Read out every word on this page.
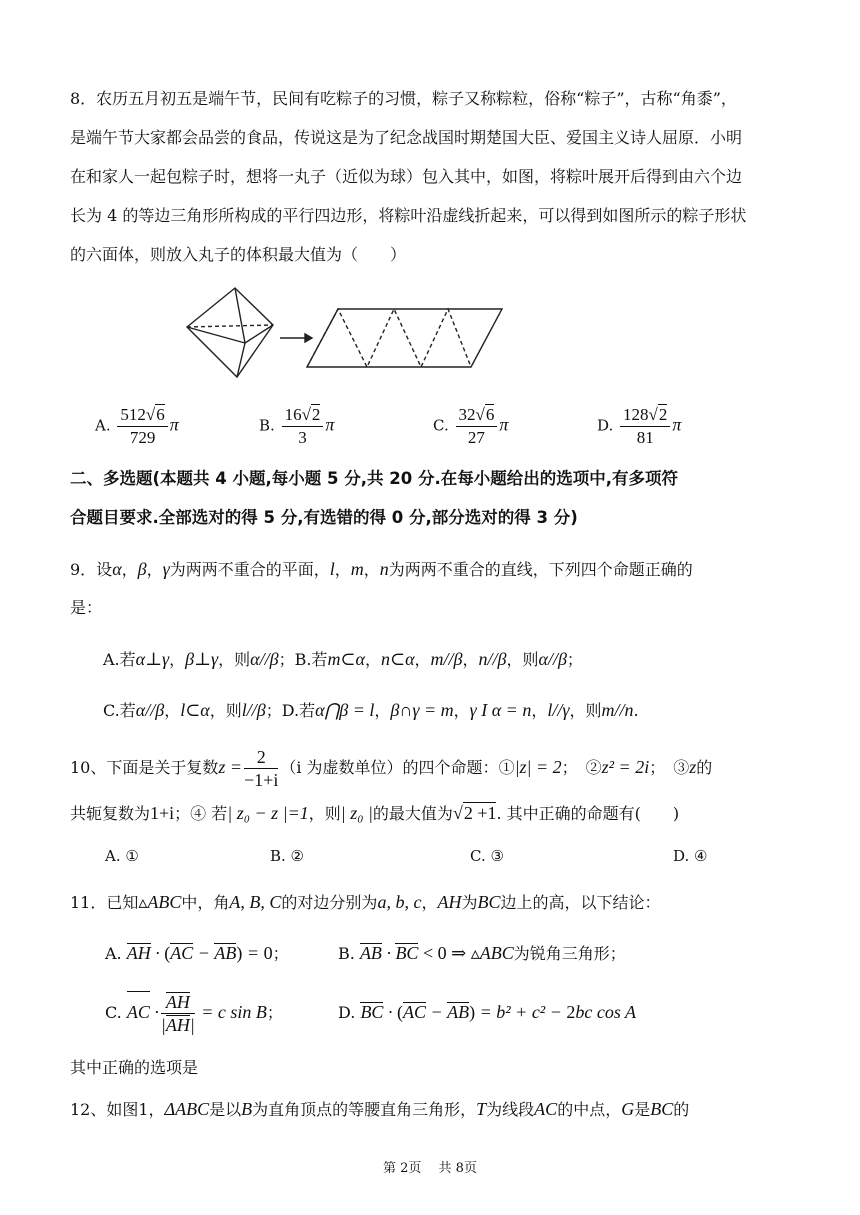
8．农历五月初五是端午节，民间有吃粽子的习惯，粽子又称粽粒，俗称“粽子”，古称“角黍”，
是端午节大家都会品尝的食品，传说这是为了纪念战国时期楚国大臣、爱国主义诗人屈原．小明
在和家人一起包粽子时，想将一丸子（近似为球）包入其中，如图，将粽叶展开后得到由六个边
长为 4 的等边三角形所构成的平行四边形，将粽叶沿虚线折起来，可以得到如图所示的粽子形状
的六面体，则放入丸子的体积最大值为（　　）
A. $\frac{512√6}{729}$ π	B. $\frac{16√2}{3}$ π	C. $\frac{32√6}{27}$ π	D. $\frac{128√2}{81}$ π
二、多选题(本题共 4 小题,每小题 5 分,共 20 分.在每小题给出的选项中,有多项符
合题目要求.全部选对的得 5 分,有选错的得 0 分,部分选对的得 3 分)
9．设α，β，γ为两两不重合的平面，l，m，n为两两不重合的直线，下列四个命题正确的
是：
A.若α⊥γ，β⊥γ，则α//β；B.若m⊂α，n⊂α，m//β，n//β，则α//β；
C.若α//β，l⊂α，则l//β；D.若α⋂β = l，β∩γ = m，γ I α = n，l//γ，则m//n.
10、下面是关于复数$z = \frac{2}{-1+i} (i$ 为虚数单位）的四个命题：①|z| = 2；　②z² = 2i；　③z的
共轭复数为1+i；④ 若| z₀ − z |=1，则| z₀ |的最大值为√2 +1. 其中正确的命题有(　　)
A. ①	B. ②	C. ③	D. ④
11．已知▵ABC中，角A, B, C的对边分别为a, b, c，AH为BC边上的高，以下结论：
A. AH · (AC − AB) = 0；	B. AB · BC < 0 ⇒ ▵ABC为锐角三角形；
C. AC · $\frac{AH}{|AH|} = c$ sin B；	D. BC · (AC − AB) = b² + c² − 2bc cos A
其中正确的选项是
12、如图1，ΔABC是以B为直角顶点的等腰直角三角形，T为线段AC的中点，G是BC的
第 2页　 共 8页
